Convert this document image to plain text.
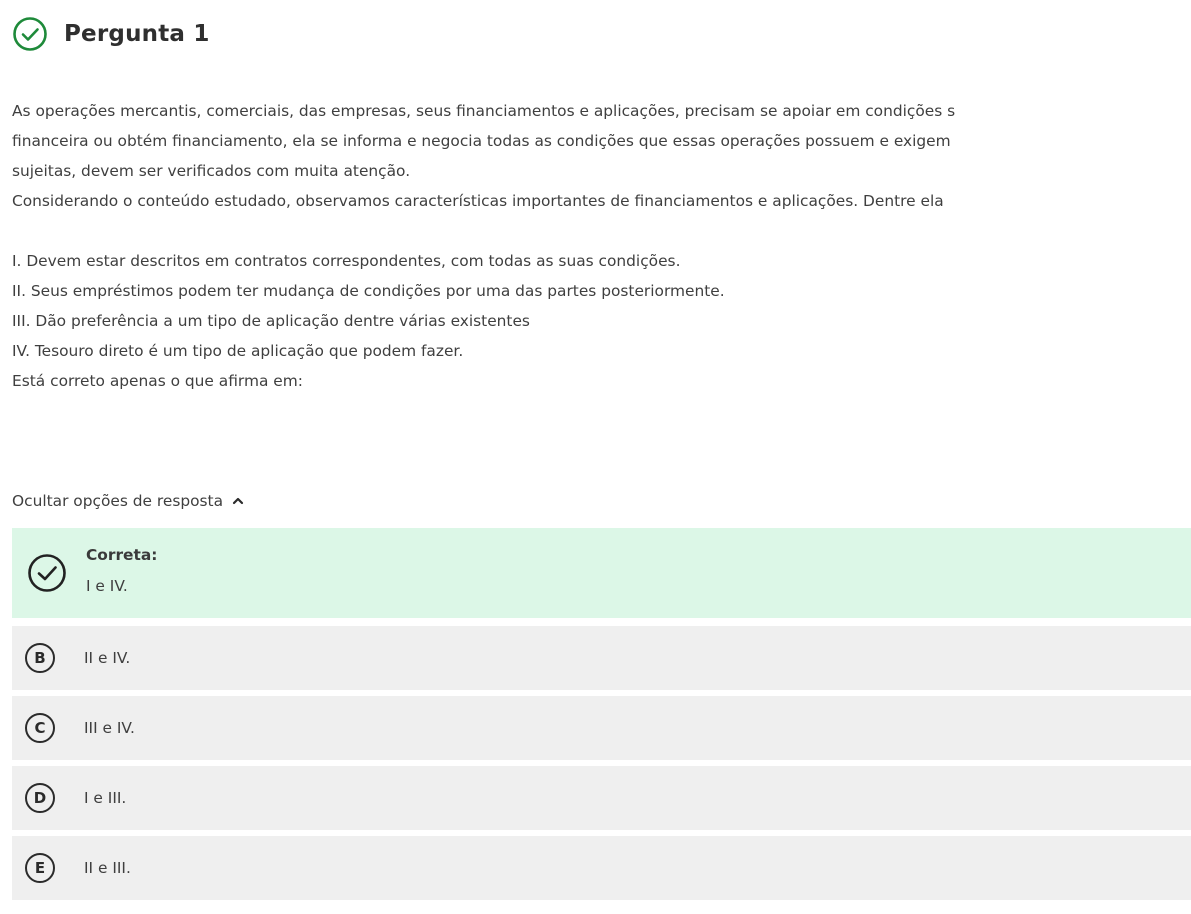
Pergunta 1
As operações mercantis, comerciais, das empresas, seus financiamentos e aplicações, precisam se apoiar em condições s
financeira ou obtém financiamento, ela se informa e negocia todas as condições que essas operações possuem e exigem
sujeitas, devem ser verificados com muita atenção.
Considerando o conteúdo estudado, observamos características importantes de financiamentos e aplicações. Dentre ela
I. Devem estar descritos em contratos correspondentes, com todas as suas condições.
II. Seus empréstimos podem ter mudança de condições por uma das partes posteriormente.
III. Dão preferência a um tipo de aplicação dentre várias existentes
IV. Tesouro direto é um tipo de aplicação que podem fazer.
Está correto apenas o que afirma em:
Ocultar opções de resposta
Correta:
I e IV.
B	II e IV.
C	III e IV.
D	I e III.
E	II e III.
